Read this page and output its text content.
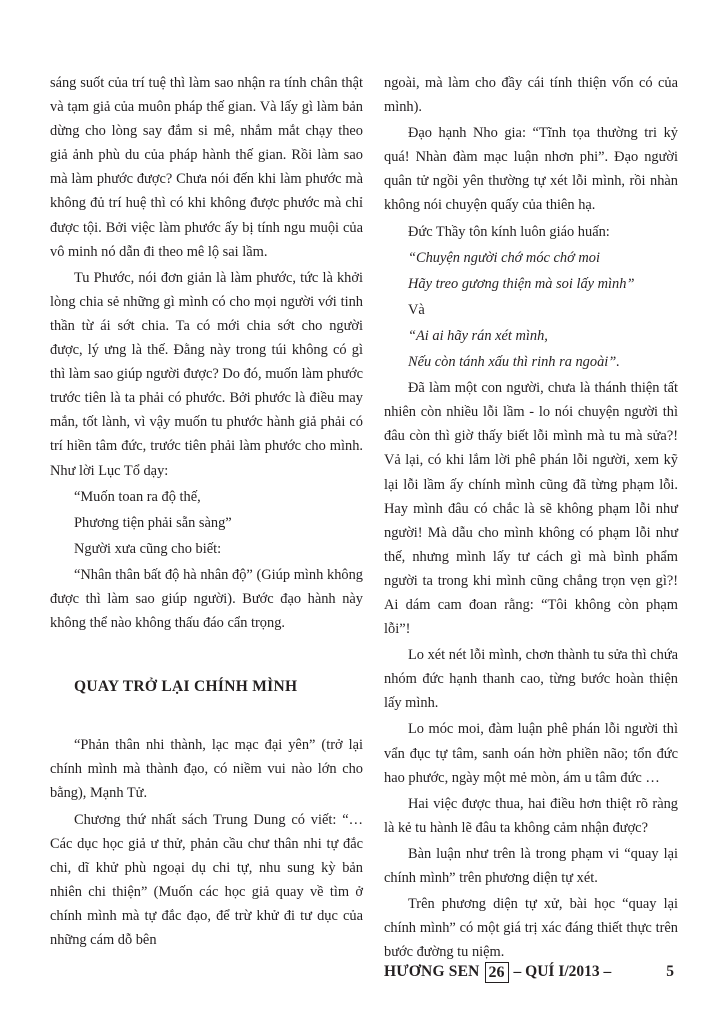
sáng suốt của trí tuệ thì làm sao nhận ra tính chân thật và tạm giả của muôn pháp thế gian. Và lấy gì làm bản dừng cho lòng say đắm si mê, nhắm mắt chạy theo giả ảnh phù du của pháp hành thế gian. Rồi làm sao mà làm phước được? Chưa nói đến khi làm phước mà không đủ trí huệ thì có khi không được phước mà chỉ được tội. Bởi việc làm phước ấy bị tính ngu muội của vô minh nó dẫn đi theo mê lộ sai lầm.

Tu Phước, nói đơn giản là làm phước, tức là khởi lòng chia sẻ những gì mình có cho mọi người với tinh thần từ ái sớt chia. Ta có mới chia sớt cho người được, lý ưng là thế. Đằng này trong túi không có gì thì làm sao giúp người được? Do đó, muốn làm phước trước tiên là ta phải có phước. Bởi phước là điều may mắn, tốt lành, vì vậy muốn tu phước hành giả phải có trí hiền tâm đức, trước tiên phải làm phước cho mình. Như lời Lục Tổ dạy:

“Muốn toan ra độ thế,

Phương tiện phải sẵn sàng”

Người xưa cũng cho biết:

“Nhân thân bất độ hà nhân độ” (Giúp mình không được thì làm sao giúp người). Bước đạo hành này không thể nào không thấu đáo cẩn trọng.

QUAY TRỞ LẠI CHÍNH MÌNH

“Phản thân nhi thành, lạc mạc đại yên” (trở lại chính mình mà thành đạo, có niềm vui nào lớn cho bằng), Mạnh Tử.

Chương thứ nhất sách Trung Dung có viết: “… Các dục học giả ư thử, phản cầu chư thân nhi tự đắc chi, dĩ khử phù ngoại dụ chi tự, nhu sung kỳ bản nhiên chi thiện” (Muốn các học giả quay về tìm ở chính mình mà tự đắc đạo, để trừ khử đi tư dục của những cám dỗ bên

ngoài, mà làm cho đầy cái tính thiện vốn có của mình).

Đạo hạnh Nho gia: “Tĩnh tọa thường tri kỷ quá! Nhàn đàm mạc luận nhơn phi”. Đạo người quân tử ngồi yên thường tự xét lỗi mình, rồi nhàn không nói chuyện quấy của thiên hạ.

Đức Thầy tôn kính luôn giáo huấn:

“Chuyện người chớ móc chớ moi

Hãy treo gương thiện mà soi lấy mình”

Và

“Ai ai hãy rán xét mình,

Nếu còn tánh xấu thì rinh ra ngoài”.

Đã làm một con người, chưa là thánh thiện tất nhiên còn nhiều lỗi lầm - lo nói chuyện người thì đâu còn thì giờ thấy biết lỗi mình mà tu mà sửa?! Vả lại, có khi lắm lời phê phán lỗi người, xem kỹ lại lỗi lầm ấy chính mình cũng đã từng phạm lỗi. Hay mình đâu có chắc là sẽ không phạm lỗi như người! Mà dẫu cho mình không có phạm lỗi như thế, nhưng mình lấy tư cách gì mà bình phẩm người ta trong khi mình cũng chẳng trọn vẹn gì?! Ai dám cam đoan rằng: “Tôi không còn phạm lỗi”!

Lo xét nét lỗi mình, chơn thành tu sửa thì chứa nhóm đức hạnh thanh cao, từng bước hoàn thiện lấy mình.

Lo móc moi, đàm luận phê phán lỗi người thì vẩn đục tự tâm, sanh oán hờn phiền não; tổn đức hao phước, ngày một mẻ mòn, ám u tâm đức …

Hai việc được thua, hai điều hơn thiệt rõ ràng là kẻ tu hành lẽ đâu ta không cảm nhận được?

Bàn luận như trên là trong phạm vi “quay lại chính mình” trên phương diện tự xét.

Trên phương diện tự xử, bài học “quay lại chính mình” có một giá trị xác đáng thiết thực trên bước đường tu niệm.

HƯƠNG SEN 26 –
QUÍ I/2013
–	5
